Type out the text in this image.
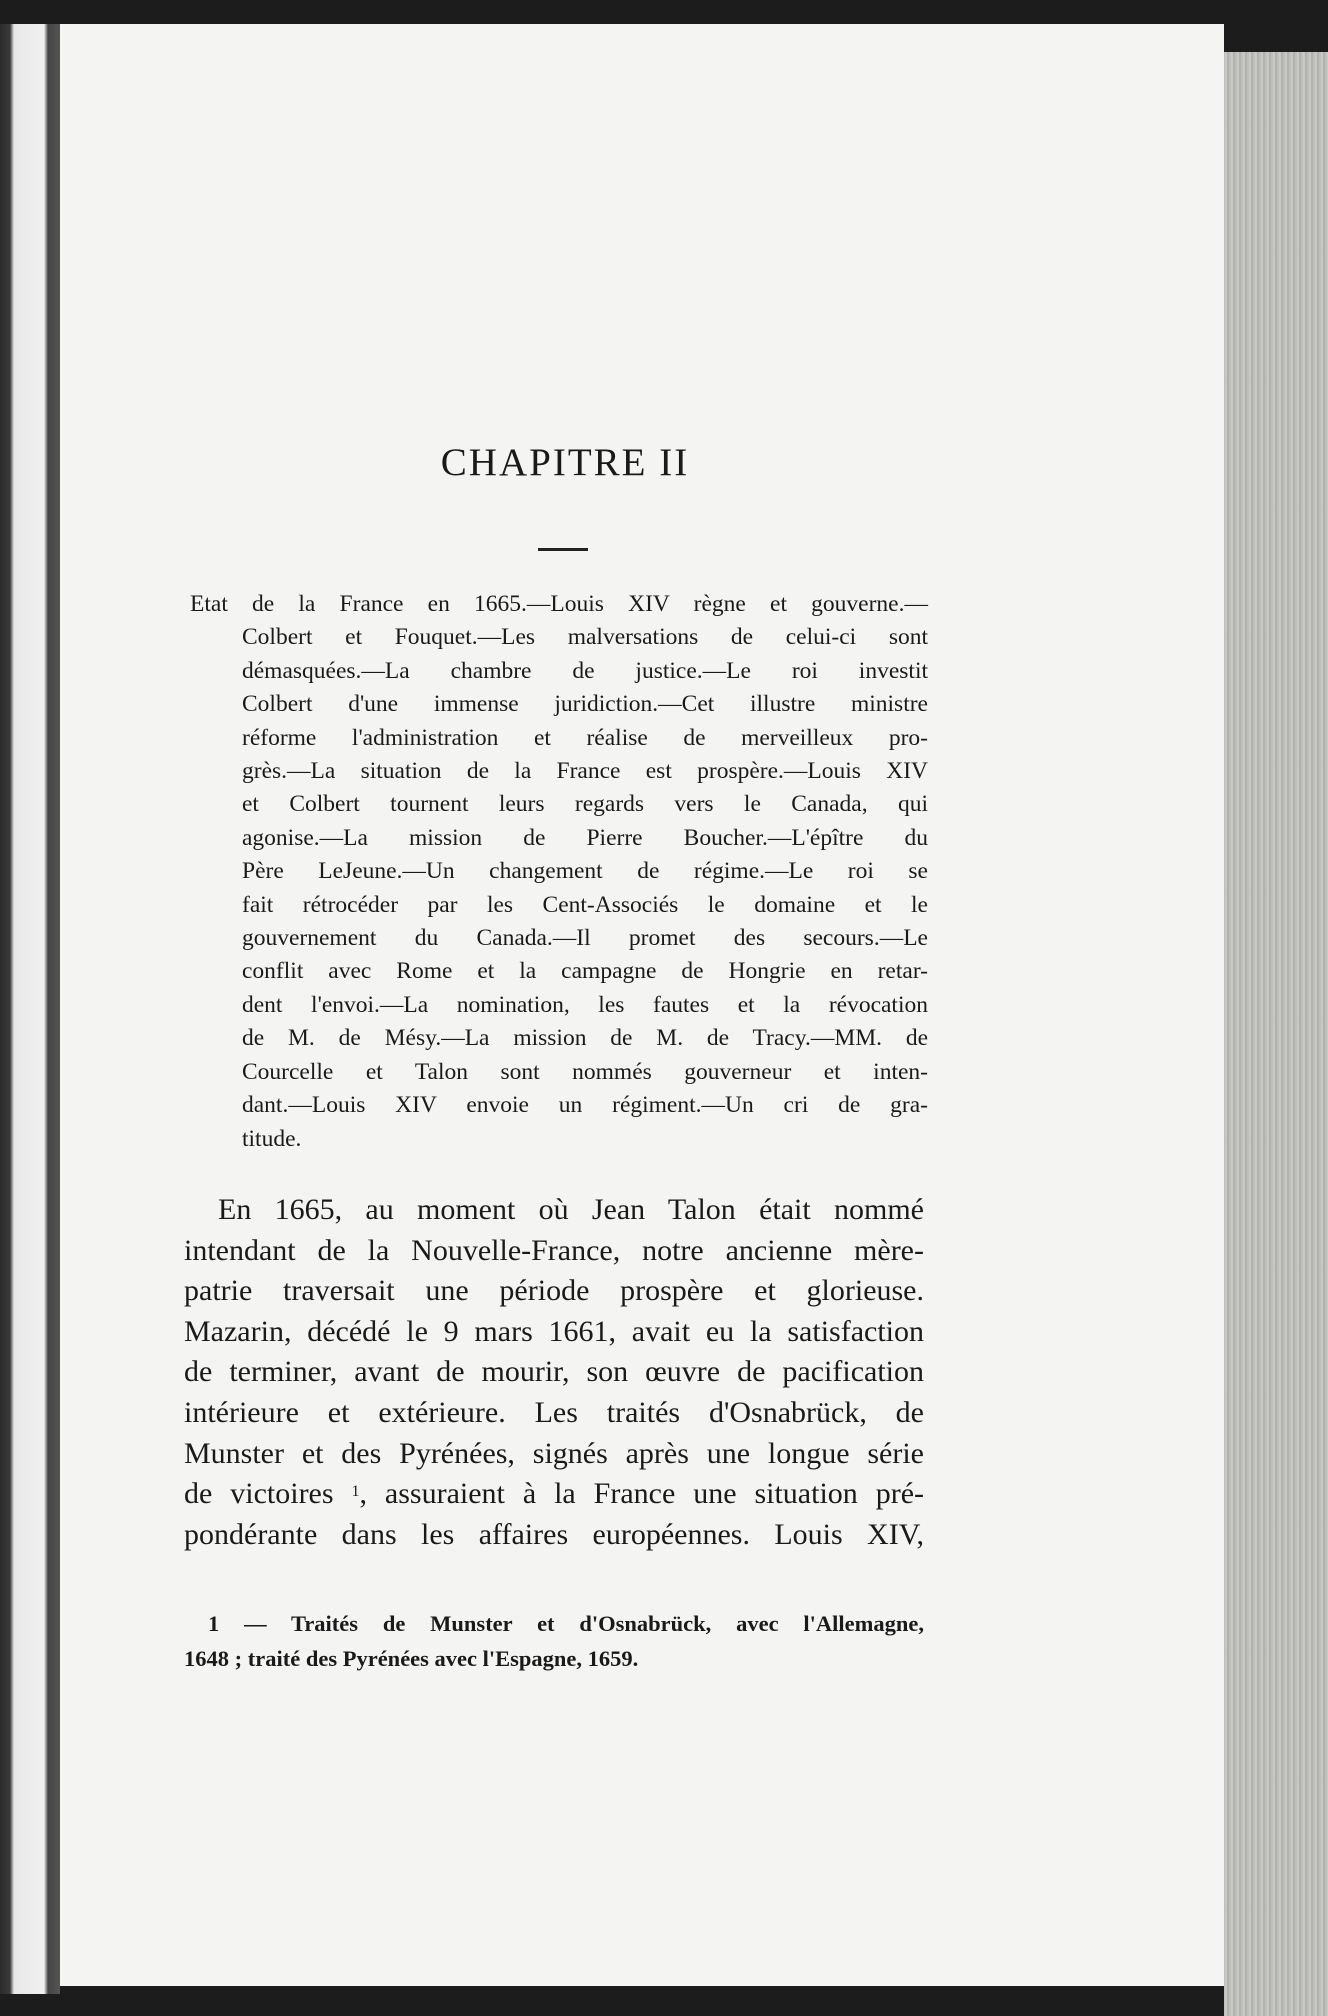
CHAPITRE II
Etat de la France en 1665.—Louis XIV règne et gouverne.—
Colbert et Fouquet.—Les malversations de celui-ci sont
démasquées.—La chambre de justice.—Le roi investit
Colbert d'une immense juridiction.—Cet illustre ministre
réforme l'administration et réalise de merveilleux pro-
grès.—La situation de la France est prospère.—Louis XIV
et Colbert tournent leurs regards vers le Canada, qui
agonise.—La mission de Pierre Boucher.—L'épître du
Père LeJeune.—Un changement de régime.—Le roi se
fait rétrocéder par les Cent-Associés le domaine et le
gouvernement du Canada.—Il promet des secours.—Le
conflit avec Rome et la campagne de Hongrie en retar-
dent l'envoi.—La nomination, les fautes et la révocation
de M. de Mésy.—La mission de M. de Tracy.—MM. de
Courcelle et Talon sont nommés gouverneur et inten-
dant.—Louis XIV envoie un régiment.—Un cri de gra-
titude.
En 1665, au moment où Jean Talon était nommé
intendant de la Nouvelle-France, notre ancienne mère-
patrie traversait une période prospère et glorieuse.
Mazarin, décédé le 9 mars 1661, avait eu la satisfaction
de terminer, avant de mourir, son œuvre de pacification
intérieure et extérieure. Les traités d'Osnabrück, de
Munster et des Pyrénées, signés après une longue série
de victoires $^1$, assuraient à la France une situation pré-
pondérante dans les affaires européennes. Louis XIV,
1 — Traités de Munster et d'Osnabrück, avec l'Allemagne,
1648 ; traité des Pyrénées avec l'Espagne, 1659.
